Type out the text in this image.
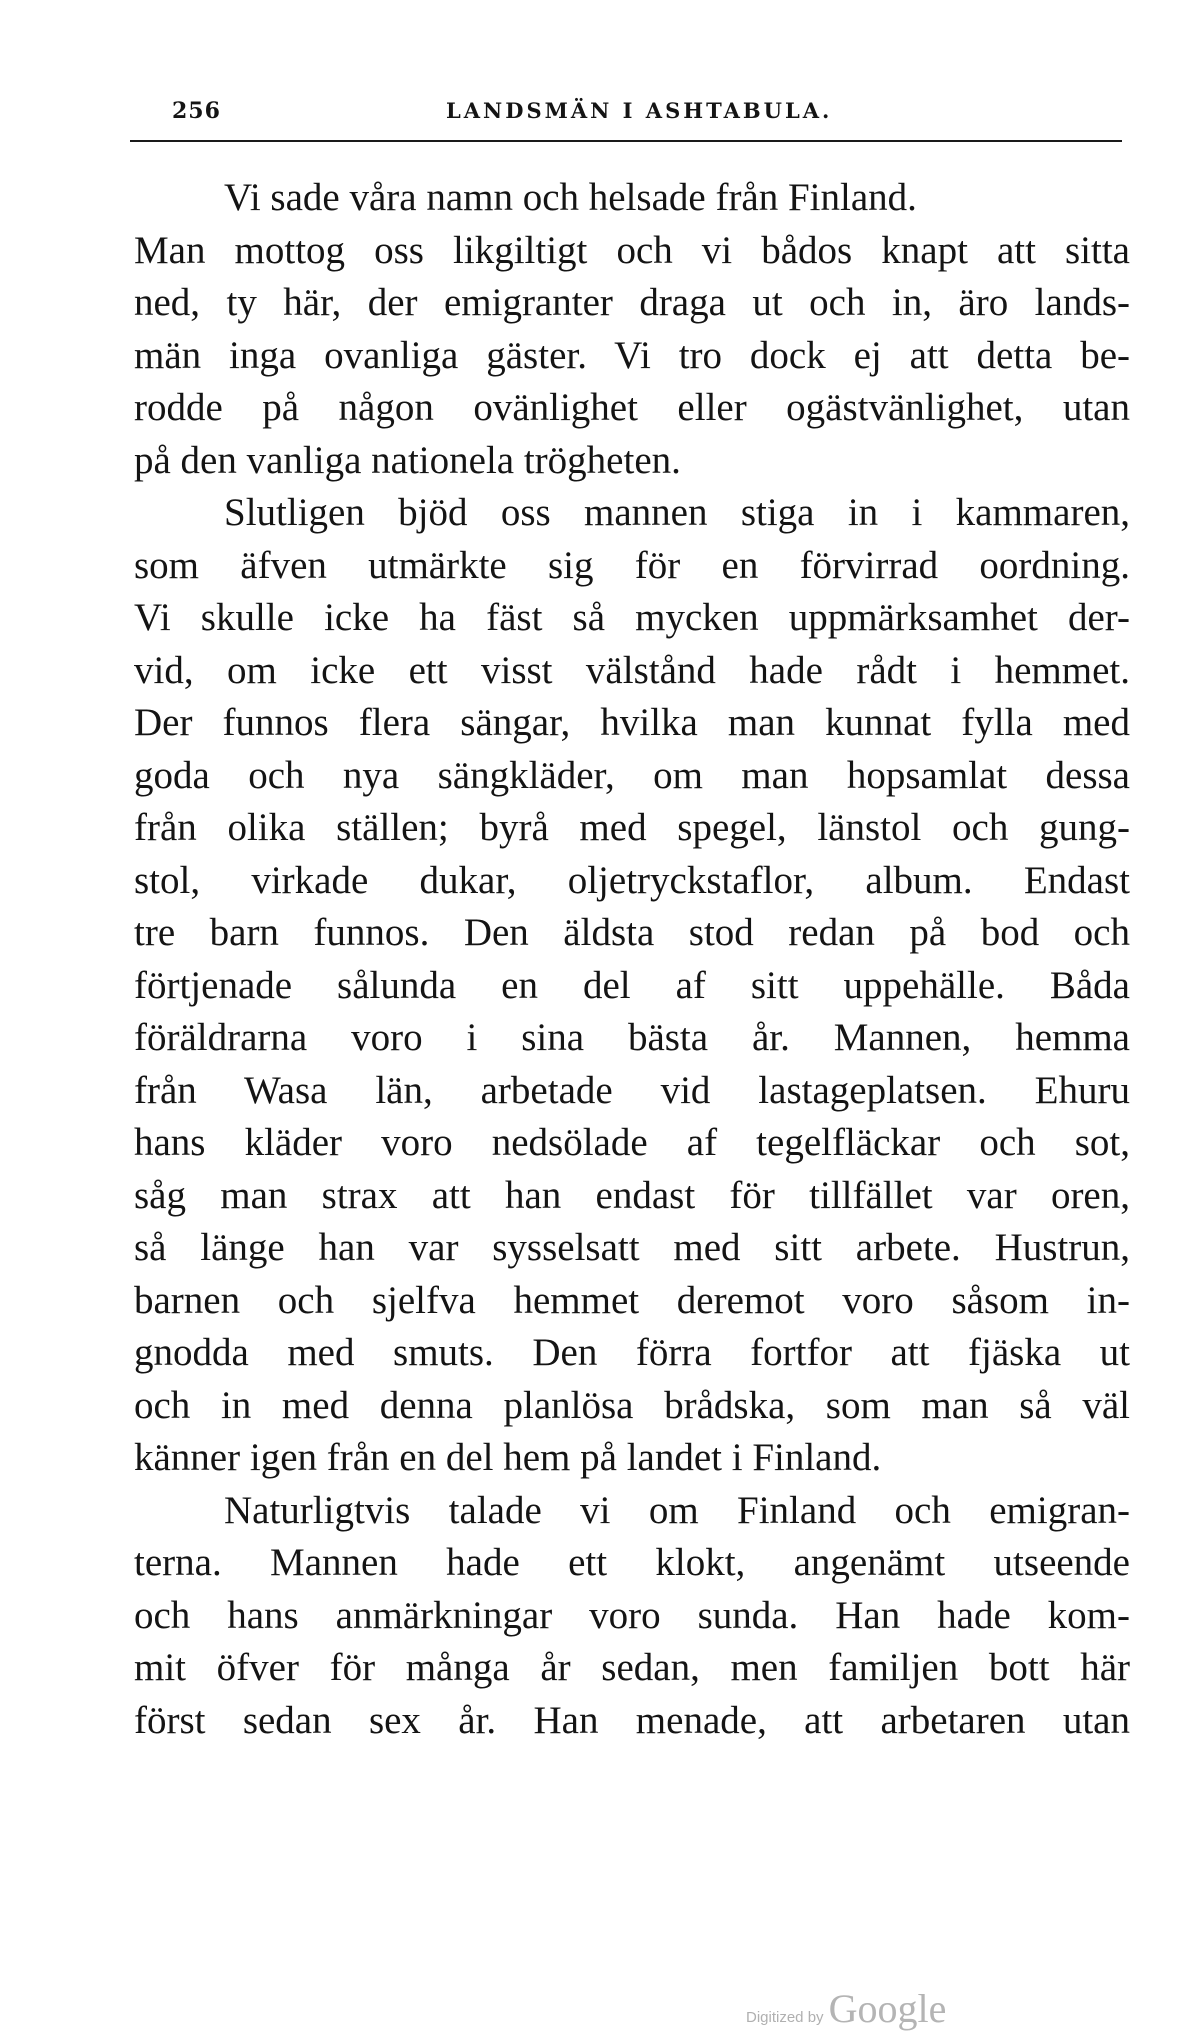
256	LANDSMÄN I ASHTABULA.
Vi sade våra namn och helsade från Finland.
Man mottog oss likgiltigt och vi bådos knapt att sitta
ned, ty här, der emigranter draga ut och in, äro lands-
män inga ovanliga gäster. Vi tro dock ej att detta be-
rodde på någon ovänlighet eller ogästvänlighet, utan
på den vanliga nationela trögheten.
Slutligen bjöd oss mannen stiga in i kammaren,
som äfven utmärkte sig för en förvirrad oordning.
Vi skulle icke ha fäst så mycken uppmärksamhet der-
vid, om icke ett visst välstånd hade rådt i hemmet.
Der funnos flera sängar, hvilka man kunnat fylla med
goda och nya sängkläder, om man hopsamlat dessa
från olika ställen; byrå med spegel, länstol och gung-
stol, virkade dukar, oljetryckstaflor, album. Endast
tre barn funnos. Den äldsta stod redan på bod och
förtjenade sålunda en del af sitt uppehälle. Båda
föräldrarna voro i sina bästa år. Mannen, hemma
från Wasa län, arbetade vid lastageplatsen. Ehuru
hans kläder voro nedsölade af tegelfläckar och sot,
såg man strax att han endast för tillfället var oren,
så länge han var sysselsatt med sitt arbete. Hustrun,
barnen och sjelfva hemmet deremot voro såsom in-
gnodda med smuts. Den förra fortfor att fjäska ut
och in med denna planlösa brådska, som man så väl
känner igen från en del hem på landet i Finland.
Naturligtvis talade vi om Finland och emigran-
terna. Mannen hade ett klokt, angenämt utseende
och hans anmärkningar voro sunda. Han hade kom-
mit öfver för många år sedan, men familjen bott här
först sedan sex år. Han menade, att arbetaren utan
Digitized by Google
